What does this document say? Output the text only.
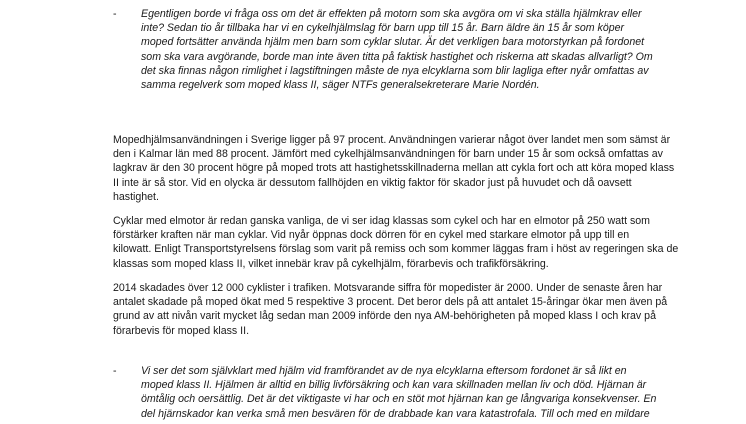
- Egentligen borde vi fråga oss om det är effekten på motorn som ska avgöra om vi ska ställa hjälmkrav eller
inte? Sedan tio år tillbaka har vi en cykelhjälmslag för barn upp till 15 år. Barn äldre än 15 år som köper
moped fortsätter använda hjälm men barn som cyklar slutar. Är det verkligen bara motorstyrkan på fordonet
som ska vara avgörande, borde man inte även titta på faktisk hastighet och riskerna att skadas allvarligt? Om
det ska finnas någon rimlighet i lagstiftningen måste de nya elcyklarna som blir lagliga efter nyår omfattas av
samma regelverk som moped klass II, säger NTFs generalsekreterare Marie Nordén.
Mopedhjälmsanvändningen i Sverige ligger på 97 procent. Användningen varierar något över landet men som sämst är
den i Kalmar län med 88 procent. Jämfört med cykelhjälmsanvändningen för barn under 15 år som också omfattas av
lagkrav är den 30 procent högre på moped trots att hastighetsskillnaderna mellan att cykla fort och att köra moped klass
II inte är så stor. Vid en olycka är dessutom fallhöjden en viktig faktor för skador just på huvudet och då oavsett
hastighet.
Cyklar med elmotor är redan ganska vanliga, de vi ser idag klassas som cykel och har en elmotor på 250 watt som
förstärker kraften när man cyklar. Vid nyår öppnas dock dörren för en cykel med starkare elmotor på upp till en
kilowatt. Enligt Transportstyrelsens förslag som varit på remiss och som kommer läggas fram i höst av regeringen ska de
klassas som moped klass II, vilket innebär krav på cykelhjälm, förarbevis och trafikförsäkring.
2014 skadades över 12 000 cyklister i trafiken. Motsvarande siffra för mopedister är 2000. Under de senaste åren har
antalet skadade på moped ökat med 5 respektive 3 procent. Det beror dels på att antalet 15-åringar ökar men även på
grund av att nivån varit mycket låg sedan man 2009 införde den nya AM-behörigheten på moped klass I och krav på
förarbevis för moped klass II.
- Vi ser det som självklart med hjälm vid framförandet av de nya elcyklarna eftersom fordonet är så likt en
moped klass II. Hjälmen är alltid en billig livförsäkring och kan vara skillnaden mellan liv och död. Hjärnan är
ömtålig och oersättlig. Det är det viktigaste vi har och en stöt mot hjärnan kan ge långvariga konsekvenser. En
del hjärnskador kan verka små men besvären för de drabbade kan vara katastrofala. Till och med en mildare
